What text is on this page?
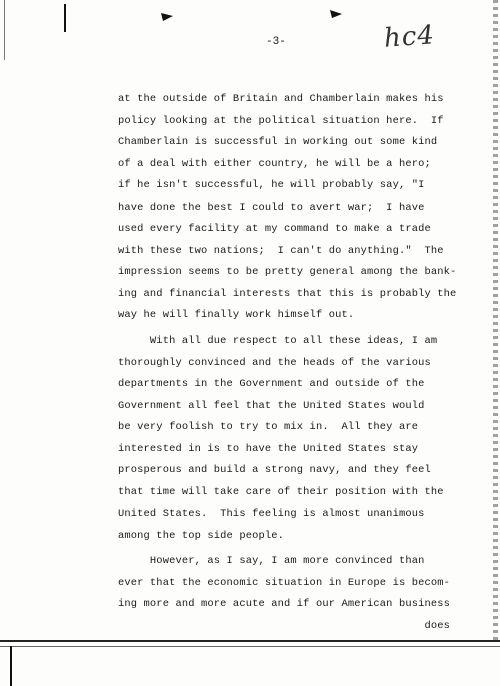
-3-	hc4
at the outside of Britain and Chamberlain makes his
policy looking at the political situation here.  If
Chamberlain is successful in working out some kind
of a deal with either country, he will be a hero;
if he isn't successful, he will probably say, "I
have done the best I could to avert war;  I have
used every facility at my command to make a trade
with these two nations;  I can't do anything."  The
impression seems to be pretty general among the bank-
ing and financial interests that this is probably the
way he will finally work himself out.
With all due respect to all these ideas, I am
thoroughly convinced and the heads of the various
departments in the Government and outside of the
Government all feel that the United States would
be very foolish to try to mix in.  All they are
interested in is to have the United States stay
prosperous and build a strong navy, and they feel
that time will take care of their position with the
United States.  This feeling is almost unanimous
among the top side people.
However, as I say, I am more convinced than
ever that the economic situation in Europe is becom-
ing more and more acute and if our American business
does
